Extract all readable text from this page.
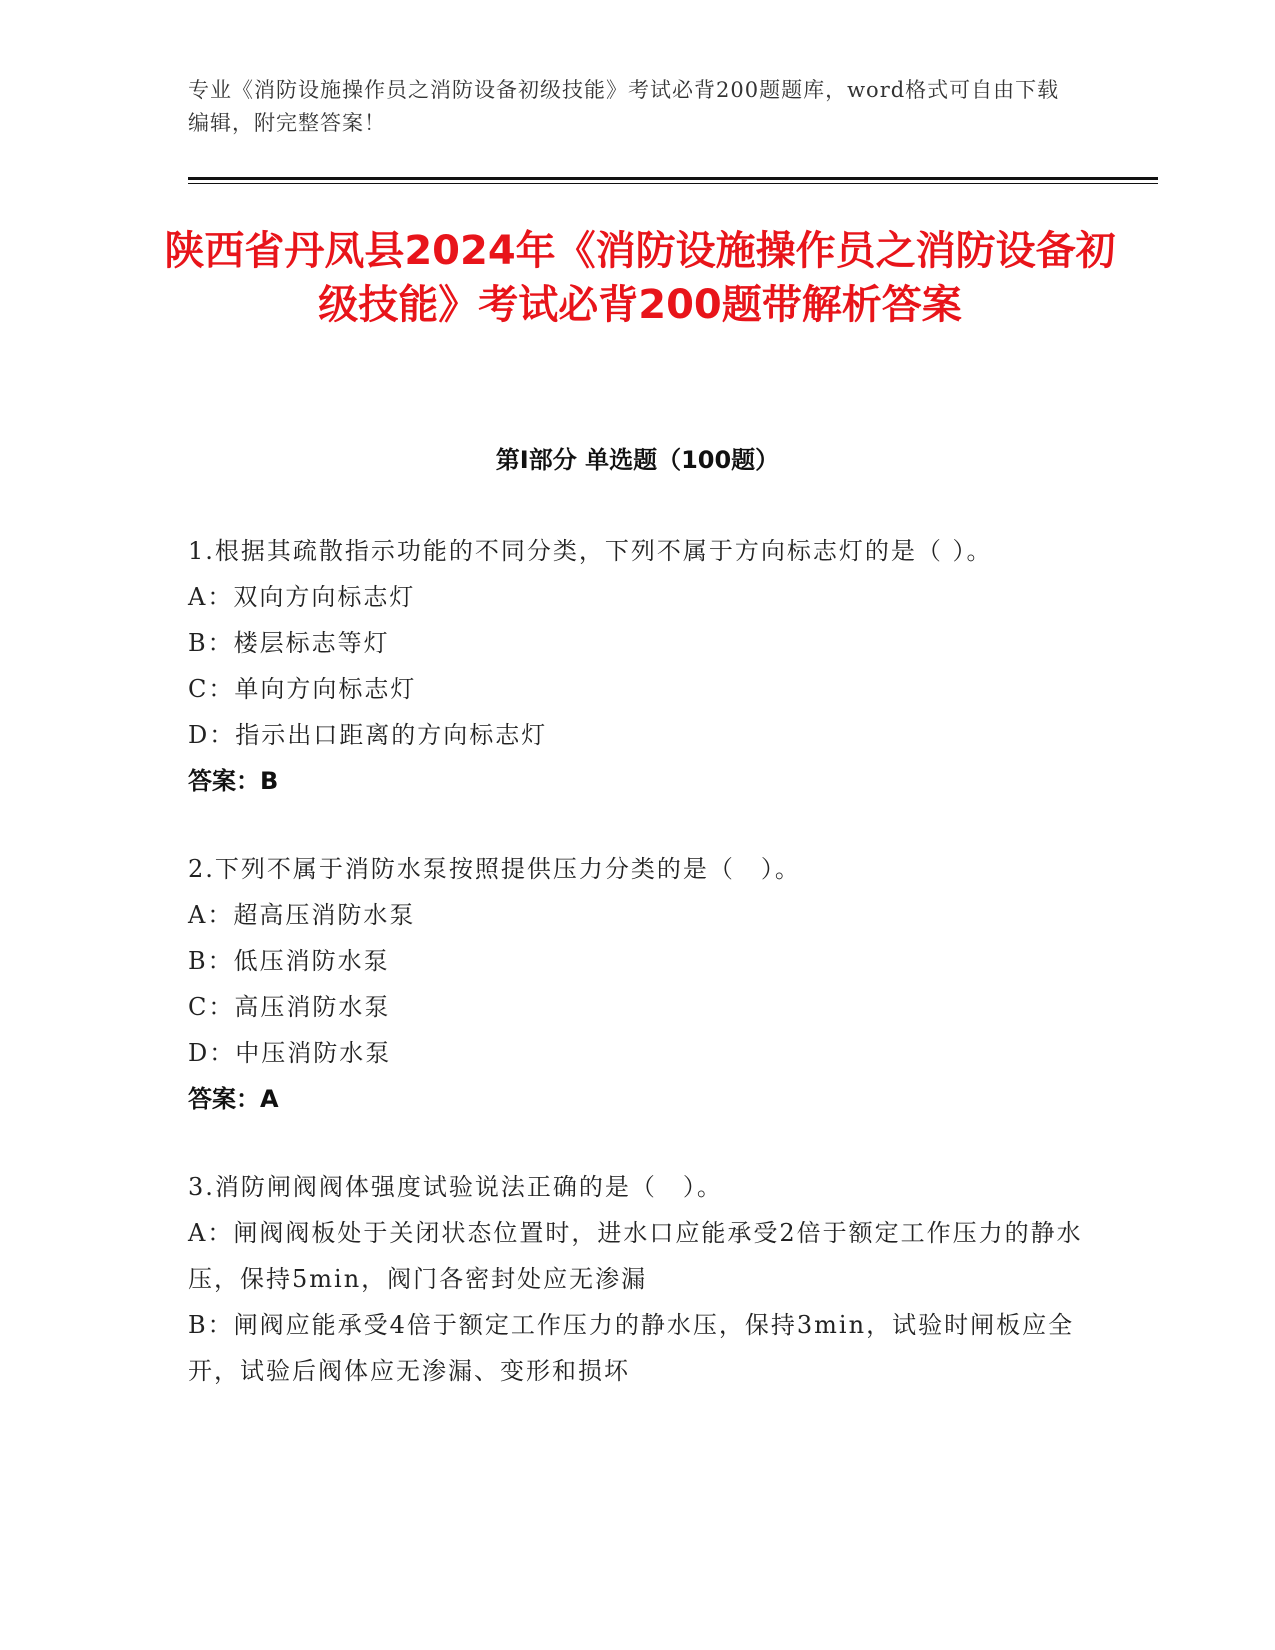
专业《消防设施操作员之消防设备初级技能》考试必背200题题库，word格式可自由下载编辑，附完整答案！
陕西省丹凤县2024年《消防设施操作员之消防设备初级技能》考试必背200题带解析答案
第I部分 单选题（100题）
1.根据其疏散指示功能的不同分类，下列不属于方向标志灯的是（ ）。
A：双向方向标志灯
B：楼层标志等灯
C：单向方向标志灯
D：指示出口距离的方向标志灯
答案：B
2.下列不属于消防水泵按照提供压力分类的是（　）。
A：超高压消防水泵
B：低压消防水泵
C：高压消防水泵
D：中压消防水泵
答案：A
3.消防闸阀阀体强度试验说法正确的是（　）。
A：闸阀阀板处于关闭状态位置时，进水口应能承受2倍于额定工作压力的静水压，保持5min，阀门各密封处应无渗漏
B：闸阀应能承受4倍于额定工作压力的静水压，保持3min，试验时闸板应全开，试验后阀体应无渗漏、变形和损坏
